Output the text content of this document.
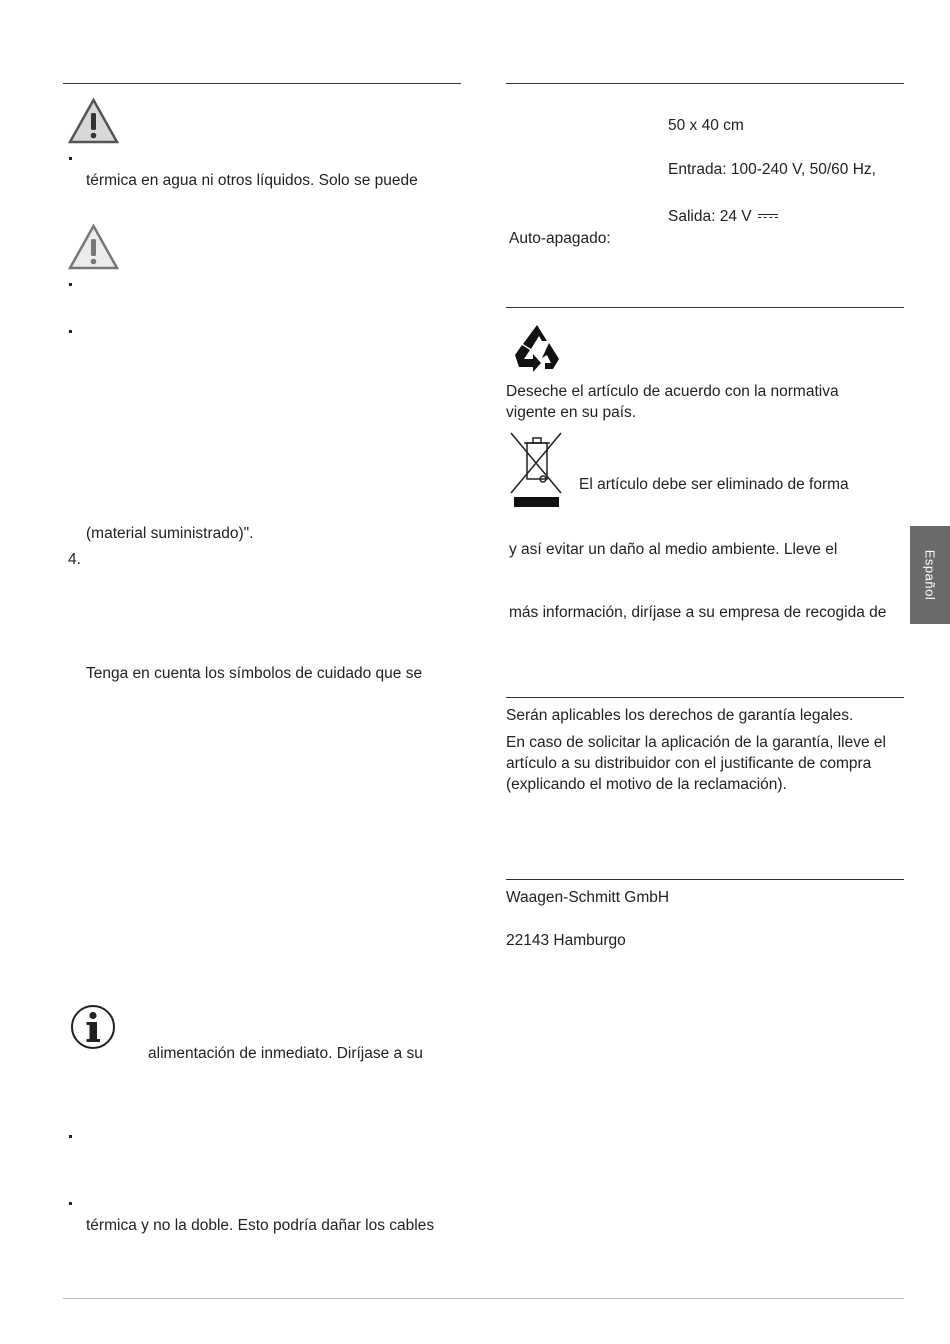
térmica en agua ni otros líquidos. Solo se puede
(material suministrado)".
4.
Tenga en cuenta los símbolos de cuidado que se
alimentación de inmediato. Diríjase a su
térmica y no la doble. Esto podría dañar los cables
50 x 40 cm
Entrada: 100-240 V, 50/60 Hz,
Salida: 24 V
Auto-apagado:
Deseche el artículo de acuerdo con la normativa vigente en su país.
El artículo debe ser eliminado de forma
y así evitar un daño al medio ambiente. Lleve el
más información, diríjase a su empresa de recogida de
Serán aplicables los derechos de garantía legales.
En caso de solicitar la aplicación de la garantía, lleve el artículo a su distribuidor con el justificante de compra (explicando el motivo de la reclamación).
Waagen-Schmitt GmbH
22143 Hamburgo
Español
